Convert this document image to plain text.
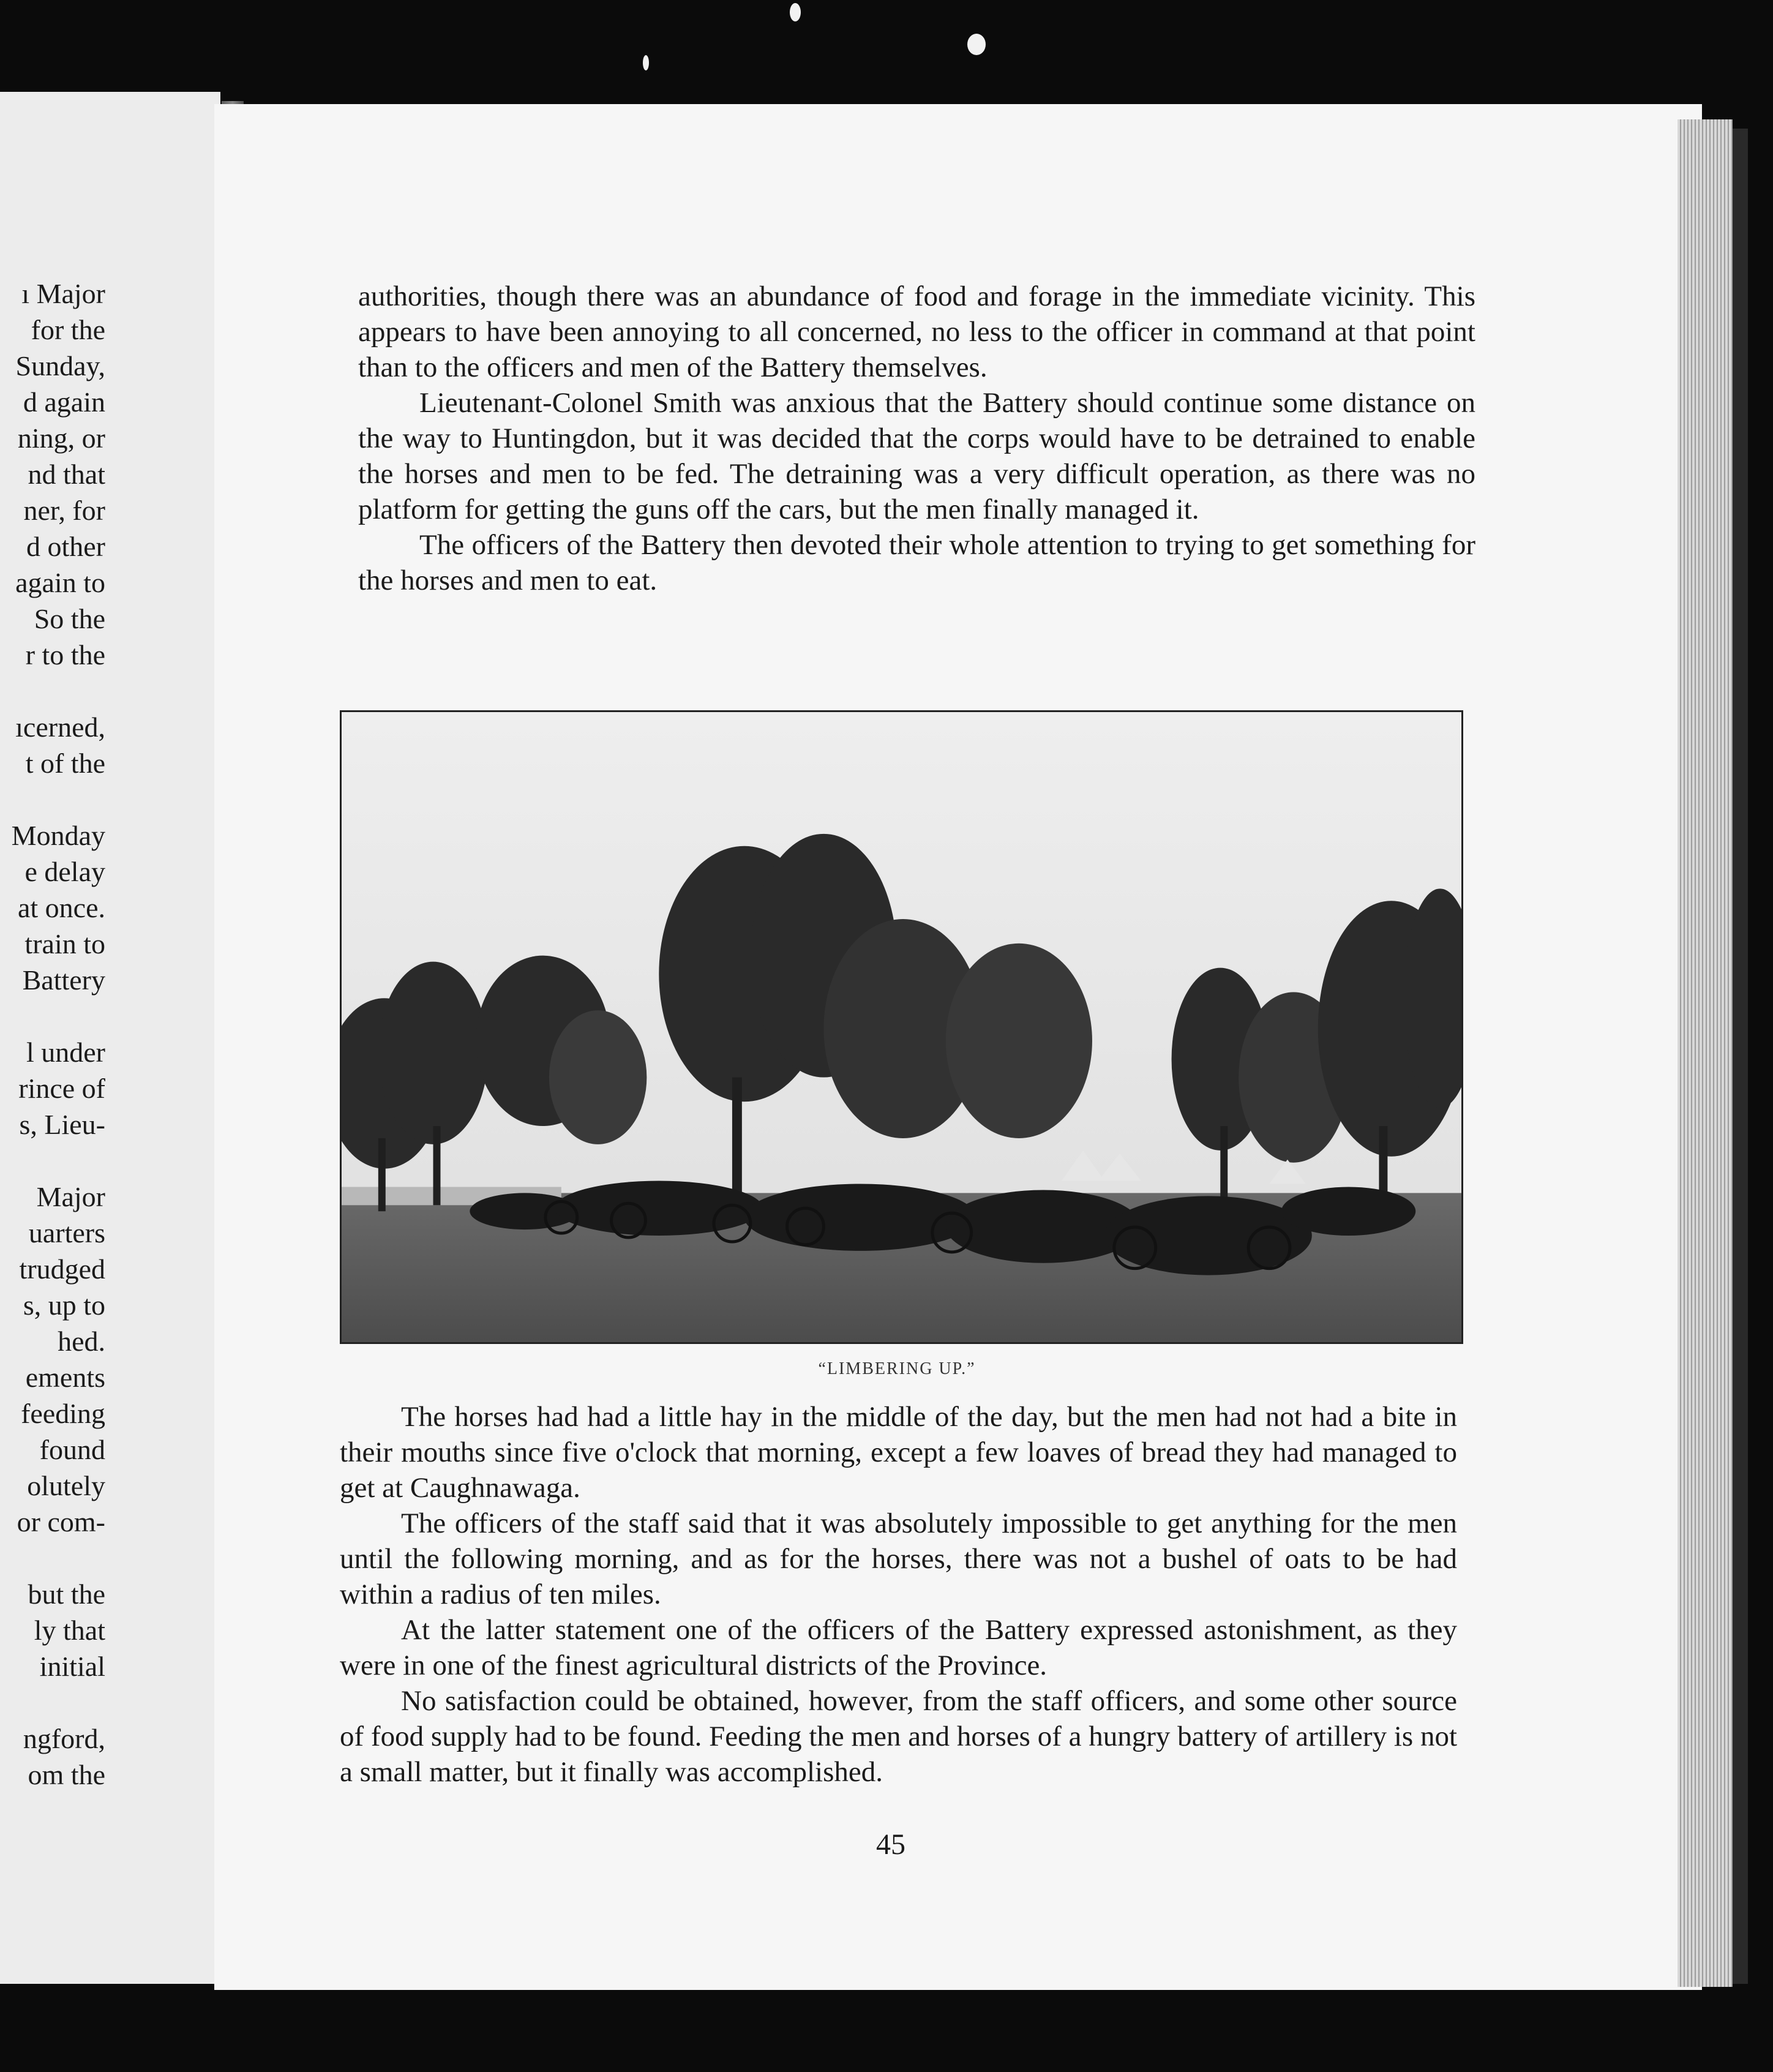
ı Major
for the
Sunday,
d again
ning, or
nd that
ner, for
d other
again to
So the
r to the
ıcerned,
t of the
Monday
e delay
at once.
train to
Battery
l under
rince of
s, Lieu-
Major
uarters
trudged
s, up to
hed.
ements
feeding
found
olutely
or com-
but the
ly that
initial
ngford,
om the

authorities, though there was an abundance of food and forage in the immediate vicinity. This appears to have been annoying to all concerned, no less to the officer in command at that point than to the officers and men of the Battery themselves.

Lieutenant-Colonel Smith was anxious that the Battery should continue some distance on the way to Huntingdon, but it was decided that the corps would have to be detrained to enable the horses and men to be fed. The detraining was a very difficult operation, as there was no platform for getting the guns off the cars, but the men finally managed it.

The officers of the Battery then devoted their whole attention to trying to get something for the horses and men to eat.

“LIMBERING UP.”

The horses had had a little hay in the middle of the day, but the men had not had a bite in their mouths since five o'clock that morning, except a few loaves of bread they had managed to get at Caughnawaga.

The officers of the staff said that it was absolutely impossible to get anything for the men until the following morning, and as for the horses, there was not a bushel of oats to be had within a radius of ten miles.

At the latter statement one of the officers of the Battery expressed astonishment, as they were in one of the finest agricultural districts of the Province.

No satisfaction could be obtained, however, from the staff officers, and some other source of food supply had to be found. Feeding the men and horses of a hungry battery of artillery is not a small matter, but it finally was accomplished.

45
